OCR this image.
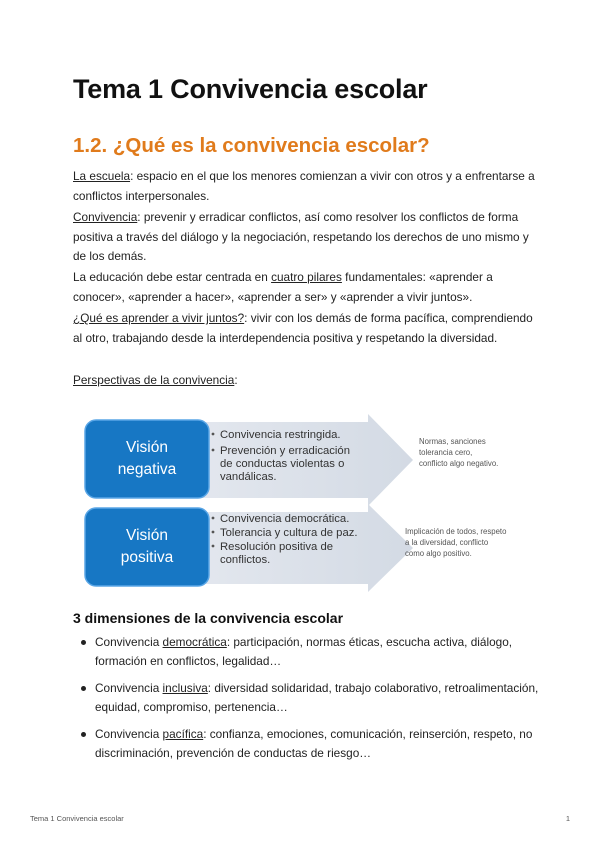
Tema 1 Convivencia escolar
1.2. ¿Qué es la convivencia escolar?

La escuela: espacio en el que los menores comienzan a vivir con otros y a enfrentarse a conflictos interpersonales.

Convivencia: prevenir y erradicar conflictos, así como resolver los conflictos de forma positiva a través del diálogo y la negociación, respetando los derechos de uno mismo y de los demás.

La educación debe estar centrada en cuatro pilares fundamentales: «aprender a conocer», «aprender a hacer», «aprender a ser» y «aprender a vivir juntos».

¿Qué es aprender a vivir juntos?: vivir con los demás de forma pacífica, comprendiendo al otro, trabajando desde la interdependencia positiva y respetando la diversidad.

Perspectivas de la convivencia:

Visión
negativa
Convivencia restringida.
Prevención y erradicación
de conductas violentas o
vandálicas.
Normas, sanciones
tolerancia cero,
conflicto algo negativo.
Visión
positiva
Convivencia democrática.
Tolerancia y cultura de paz.
Resolución positiva de
conflictos.
Implicación de todos, respeto
a la diversidad, conflicto
como algo positivo.
3 dimensiones de la convivencia escolar
Convivencia democrática: participación, normas éticas, escucha activa, diálogo, formación en conflictos, legalidad…
Convivencia inclusiva: diversidad solidaridad, trabajo colaborativo, retroalimentación, equidad, compromiso, pertenencia…
Convivencia pacífica: confianza, emociones, comunicación, reinserción, respeto, no discriminación, prevención de conductas de riesgo…
Tema 1 Convivencia escolar	1
